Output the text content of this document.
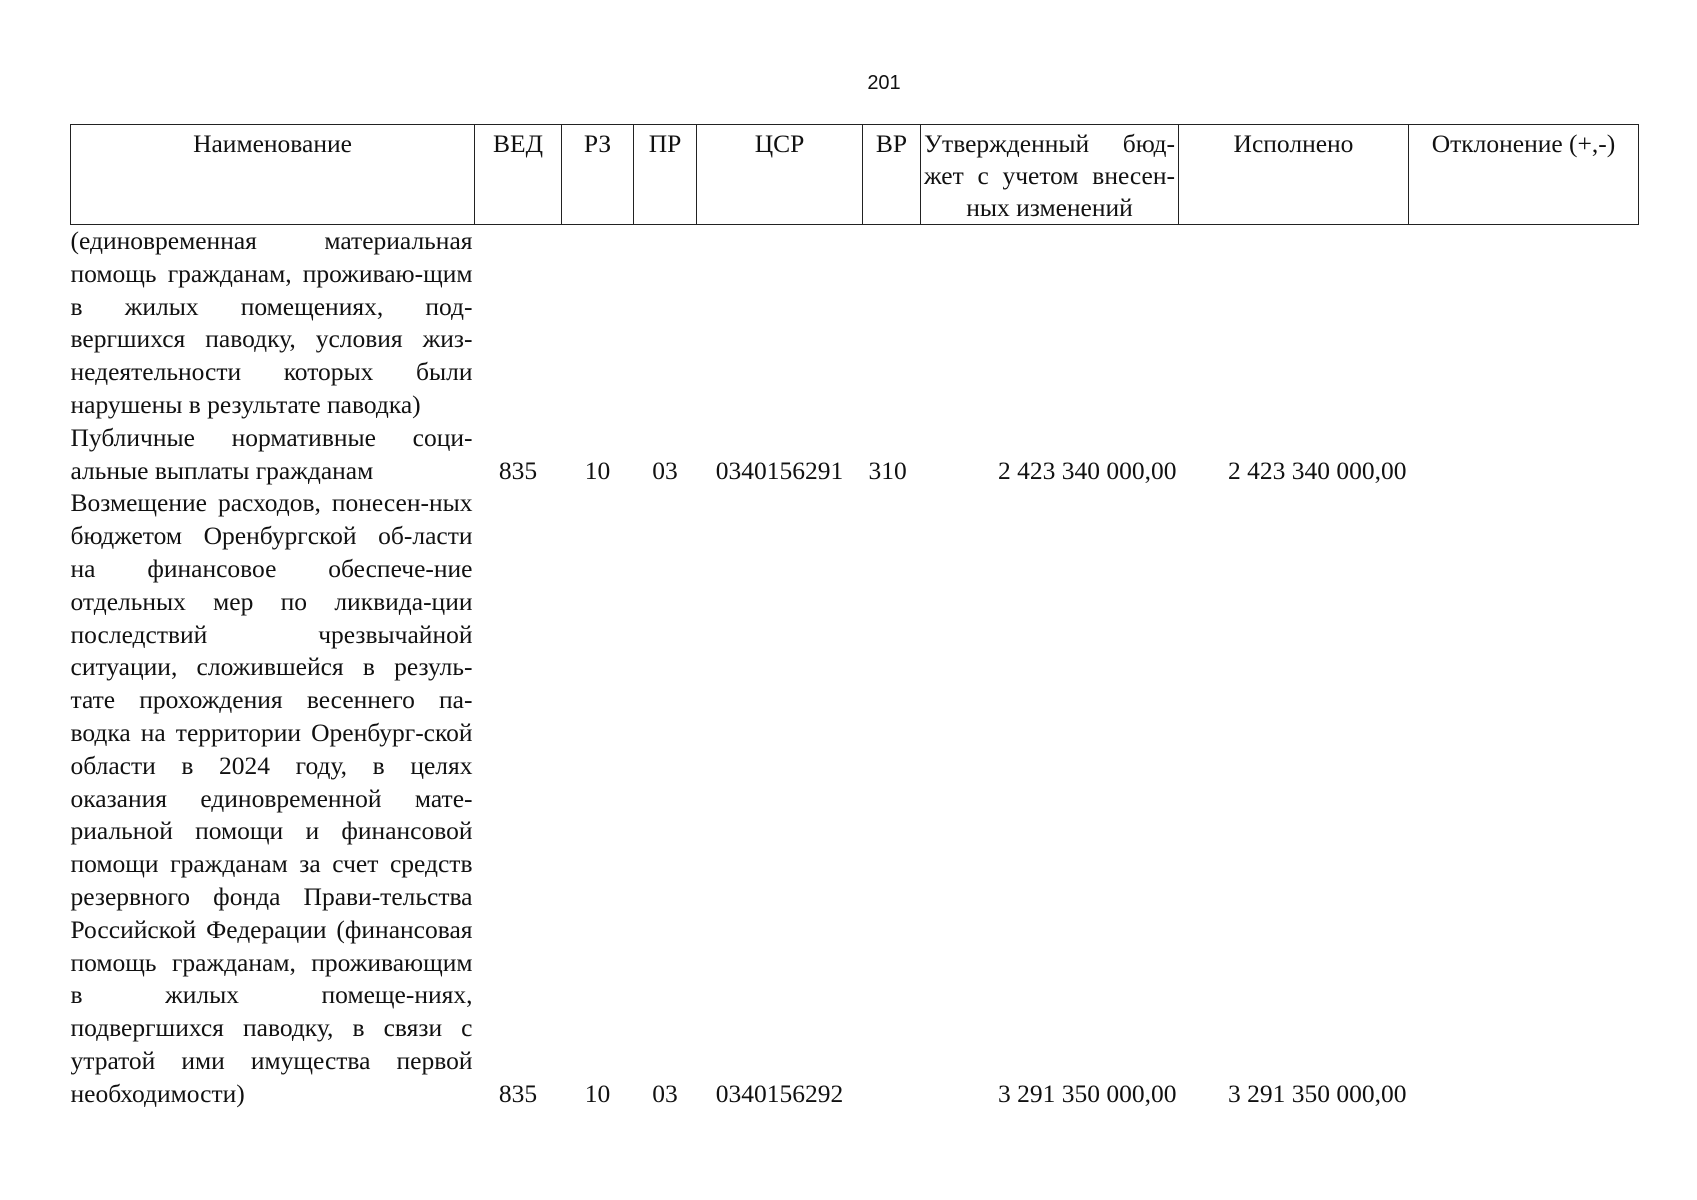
201
Наименование	ВЕД	РЗ	ПР	ЦСР	ВР	Утвержденный бюд-жет с учетом внесен-ных изменений	Исполнено	Отклонение (+,-)
(единовременная материальная помощь гражданам, проживаю-щим в жилых помещениях, под-вергшихся паводку, условия жиз-недеятельности которых были нарушены в результате паводка)								
Публичные нормативные соци-альные выплаты гражданам	835	10	03	0340156291	310	2 423 340 000,00	2 423 340 000,00	
Возмещение расходов, понесен-ных бюджетом Оренбургской об-ласти на финансовое обеспече-ние отдельных мер по ликвида-ции последствий чрезвычайной ситуации, сложившейся в резуль-тате прохождения весеннего па-водка на территории Оренбург-ской области в 2024 году, в целях оказания единовременной мате-риальной помощи и финансовой помощи гражданам за счет средств резервного фонда Прави-тельства Российской Федерации (финансовая помощь гражданам, проживающим в жилых помеще-ниях, подвергшихся паводку, в связи с утратой ими имущества первой необходимости)	835	10	03	0340156292		3 291 350 000,00	3 291 350 000,00	
